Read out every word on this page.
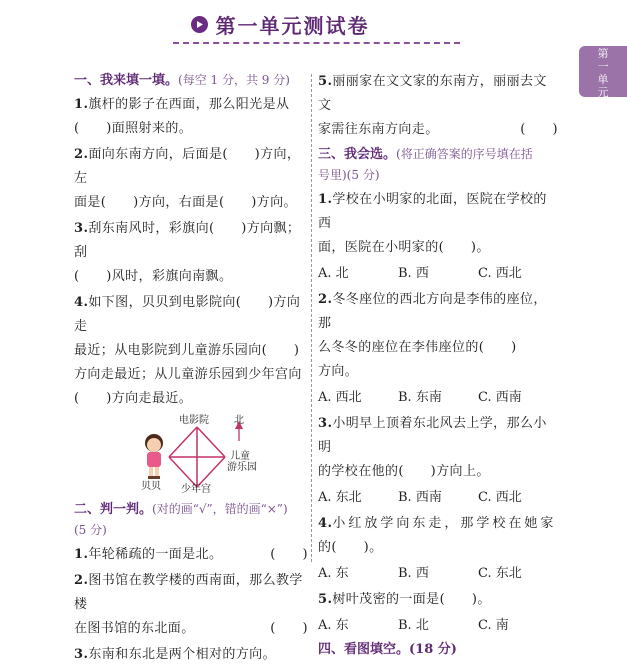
第一单元测试卷
第
一
单
元
一、我来填一填。(每空 1 分，共 9 分)
1.旗杆的影子在西面，那么阳光是从
(　　)面照射来的。
2.面向东南方向，后面是(　　)方向，左
面是(　　)方向，右面是(　　)方向。
3.刮东南风时，彩旗向(　　)方向飘；刮
(　　)风时，彩旗向南飘。
4.如下图，贝贝到电影院向(　　)方向走
最近；从电影院到儿童游乐园向(　　)
方向走最近；从儿童游乐园到少年宫向
(　　)方向走最近。
电影院	北
儿童
游乐园
贝贝 少年宫
二、判一判。(对的画“√”，错的画“×”)
(5 分)
1.年轮稀疏的一面是北。	(　　)
2.图书馆在教学楼的西南面，那么教学楼
在图书馆的东北面。	(　　)
3.东南和东北是两个相对的方向。
5.丽丽家在文文家的东南方，丽丽去文文
家需往东南方向走。	(　　)
三、我会选。(将正确答案的序号填在括
号里)(5 分)
1.学校在小明家的北面，医院在学校的西
面，医院在小明家的(　　)。
A. 北	B. 西	C. 西北
2.冬冬座位的西北方向是李伟的座位，那
么冬冬的座位在李伟座位的(　　)
方向。
A. 西北	B. 东南	C. 西南
3.小明早上顶着东北风去上学，那么小明
的学校在他的(　　)方向上。
A. 东北	B. 西南	C. 西北
4.小红放学向东走，那学校在她家
的(　　)。
A. 东	B. 西	C. 东北
5.树叶茂密的一面是(　　)。
A. 东	B. 北	C. 南
四、看图填空。(18 分)
